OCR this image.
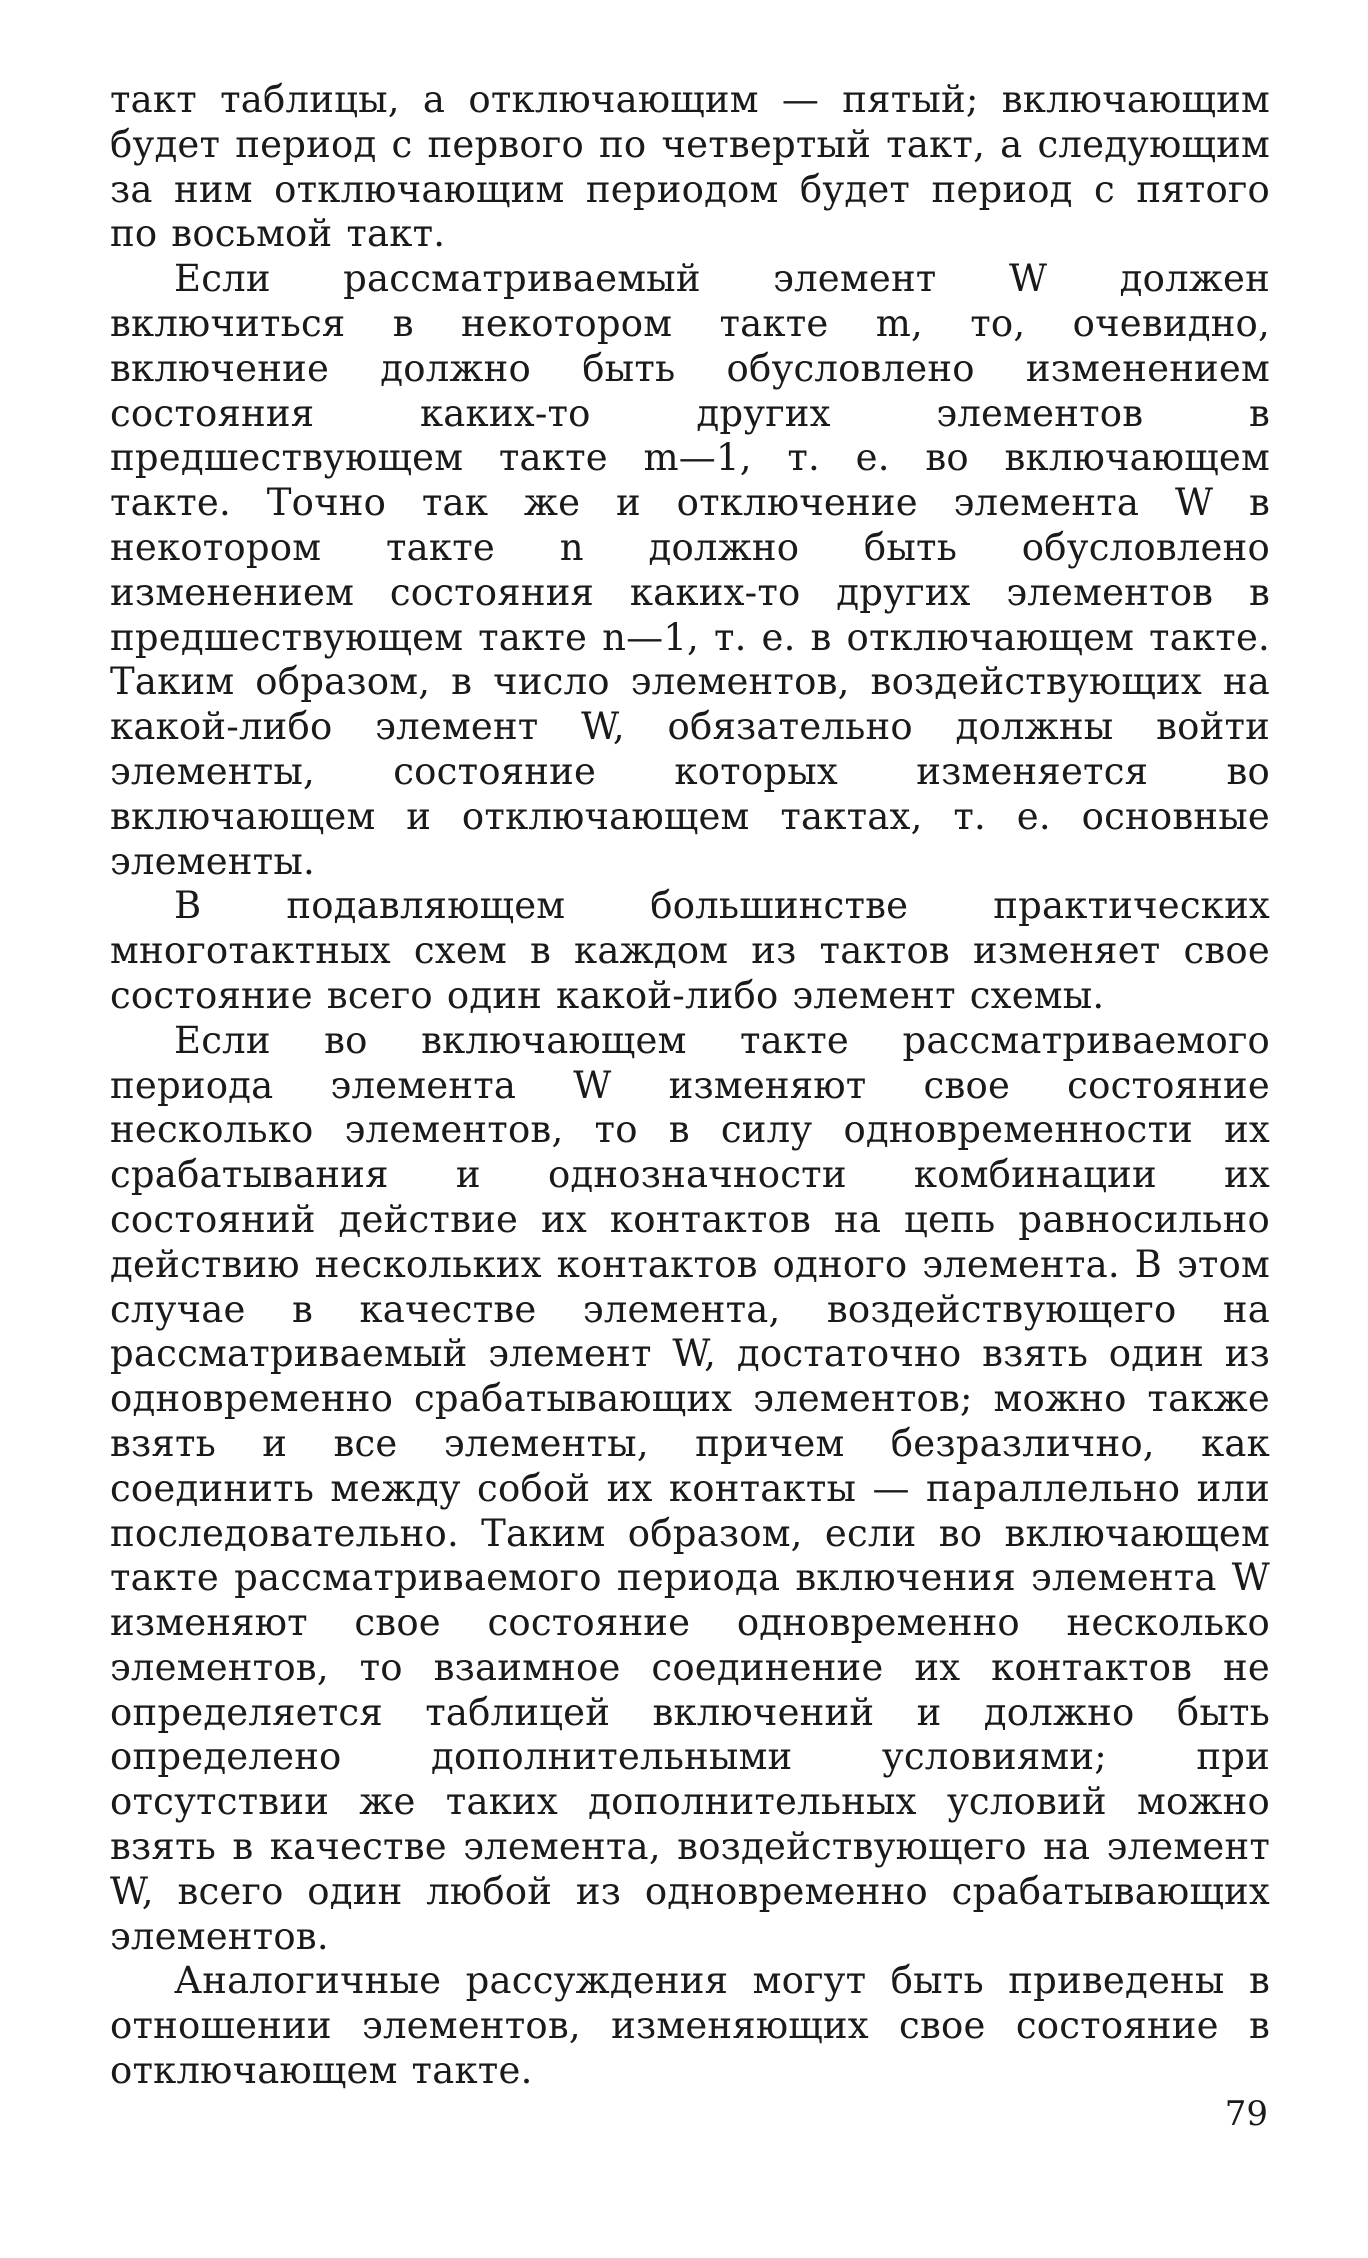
такт таблицы, а отключающим — пятый; включающим будет период с первого по четвертый такт, а следующим за ним отключающим периодом будет период с пятого по восьмой такт.

Если рассматриваемый элемент W должен включиться в некотором такте m, то, очевидно, включение должно быть обусловлено изменением состояния каких-то других элементов в предшествующем такте m—1, т. е. во включающем такте. Точно так же и отключение элемента W в некотором такте n должно быть обусловлено изменением состояния каких-то других элементов в предшествующем такте n—1, т. е. в отключающем такте. Таким образом, в число элементов, воздействующих на какой-либо элемент W, обязательно должны войти элементы, состояние которых изменяется во включающем и отключающем тактах, т. е. основные элементы.

В подавляющем большинстве практических многотактных схем в каждом из тактов изменяет свое состояние всего один какой-либо элемент схемы.

Если во включающем такте рассматриваемого периода элемента W изменяют свое состояние несколько элементов, то в силу одновременности их срабатывания и однозначности комбинации их состояний действие их контактов на цепь равносильно действию нескольких контактов одного элемента. В этом случае в качестве элемента, воздействующего на рассматриваемый элемент W, достаточно взять один из одновременно срабатывающих элементов; можно также взять и все элементы, причем безразлично, как соединить между собой их контакты — параллельно или последовательно. Таким образом, если во включающем такте рассматриваемого периода включения элемента W изменяют свое состояние одновременно несколько элементов, то взаимное соединение их контактов не определяется таблицей включений и должно быть определено дополнительными условиями; при отсутствии же таких дополнительных условий можно взять в качестве элемента, воздействующего на элемент W, всего один любой из одновременно срабатывающих элементов.

Аналогичные рассуждения могут быть приведены в отношении элементов, изменяющих свое состояние в отключающем такте.

79
